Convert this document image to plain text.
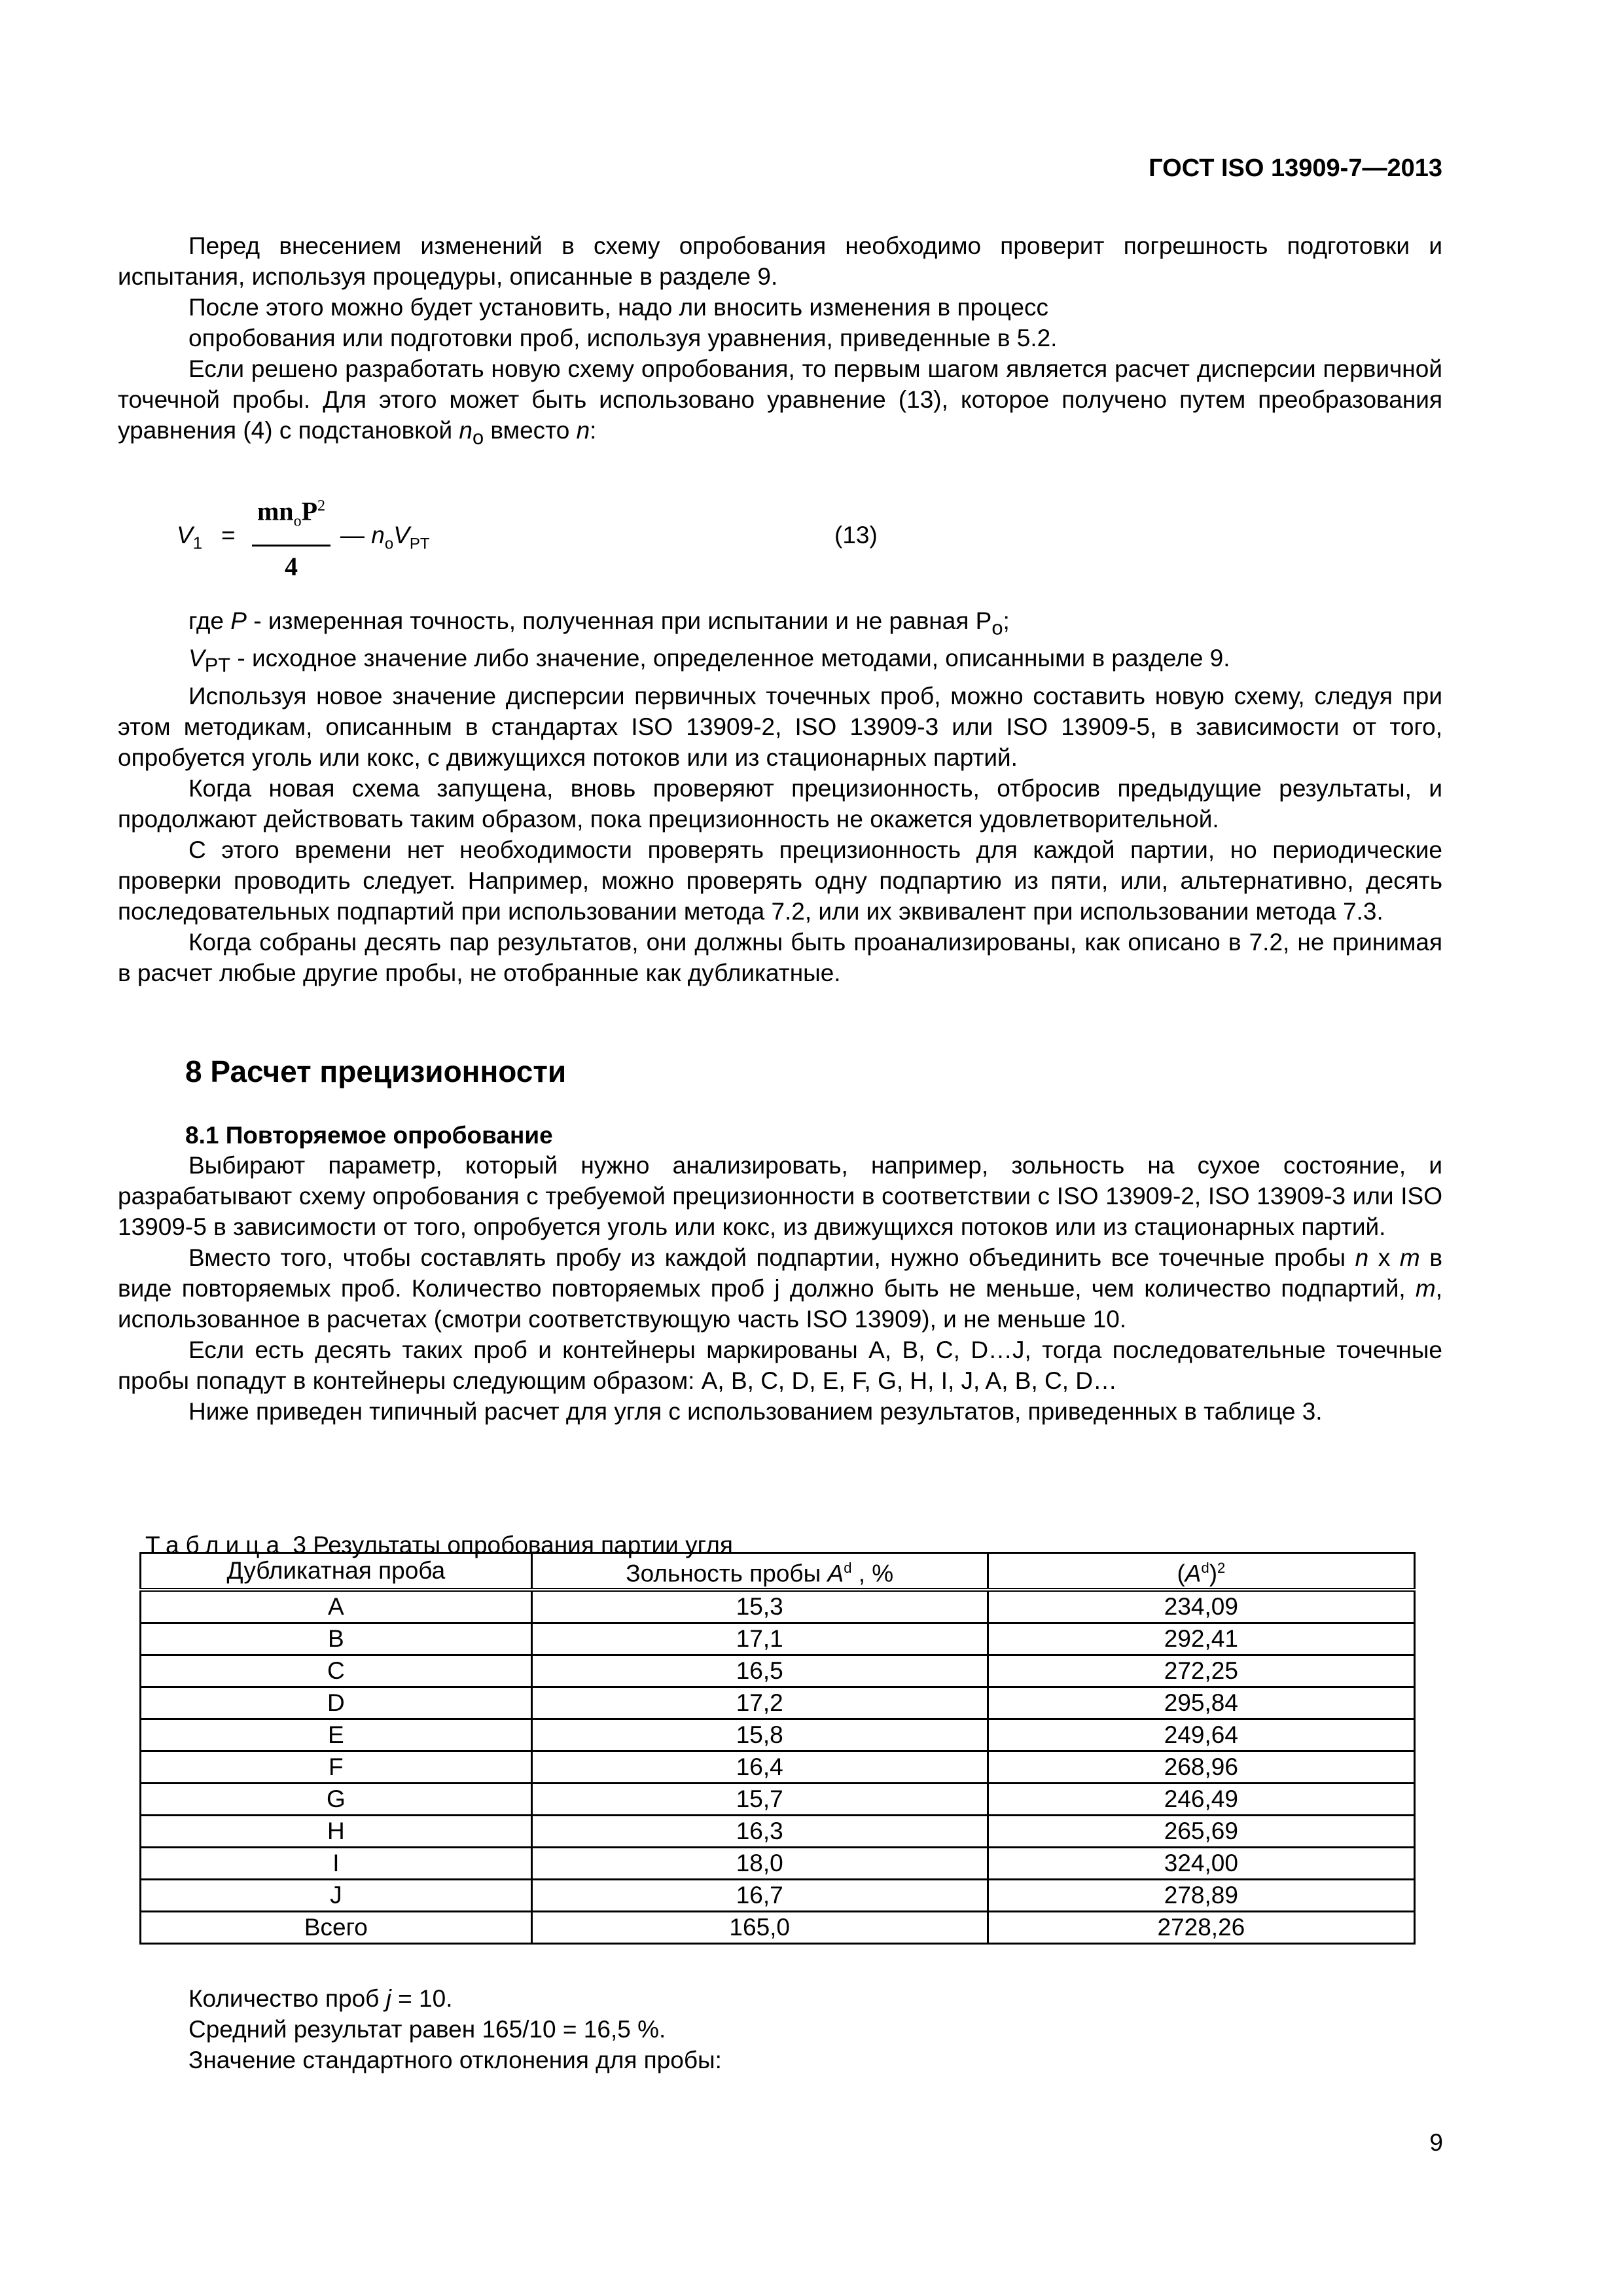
ГОСТ ISO 13909-7—2013

Перед внесением изменений в схему опробования необходимо проверит погрешность подготовки и испытания, используя процедуры, описанные в разделе 9.

После этого можно будет установить, надо ли вносить изменения в процесс

опробования или подготовки проб, используя уравнения, приведенные в 5.2.

Если решено разработать новую схему опробования, то первым шагом является расчет дисперсии первичной точечной пробы. Для этого может быть использовано уравнение (13), которое получено путем преобразования уравнения (4) с подстановкой $n_o$ вместо n:

$V_1$ =
$mn_oP^2$
4
— $n_oV_{PT}$	(13)

где P - измеренная точность, полученная при испытании и не равная $P_o$;

$V_{PT}$ - исходное значение либо значение, определенное методами, описанными в разделе 9.

Используя новое значение дисперсии первичных точечных проб, можно составить новую схему, следуя при этом методикам, описанным в стандартах ISO 13909-2, ISO 13909-3 или ISO 13909-5, в зависимости от того, опробуется уголь или кокс, с движущихся потоков или из стационарных партий.

Когда новая схема запущена, вновь проверяют прецизионность, отбросив предыдущие результаты, и продолжают действовать таким образом, пока прецизионность не окажется удовлетворительной.

С этого времени нет необходимости проверять прецизионность для каждой партии, но периодические проверки проводить следует. Например, можно проверять одну подпартию из пяти, или, альтернативно, десять последовательных подпартий при использовании метода 7.2, или их эквивалент при использовании метода 7.3.

Когда собраны десять пар результатов, они должны быть проанализированы, как описано в 7.2, не принимая в расчет любые другие пробы, не отобранные как дубликатные.

8 Расчет прецизионности
8.1 Повторяемое опробование

Выбирают параметр, который нужно анализировать, например, зольность на сухое состояние, и разрабатывают схему опробования с требуемой прецизионности в соответствии с ISO 13909-2, ISO 13909-3 или ISO 13909-5 в зависимости от того, опробуется уголь или кокс, из движущихся потоков или из стационарных партий.

Вместо того, чтобы составлять пробу из каждой подпартии, нужно объединить все точечные пробы n x m в виде повторяемых проб. Количество повторяемых проб j должно быть не меньше, чем количество подпартий, m, использованное в расчетах (смотри соответствующую часть ISO 13909), и не меньше 10.

Если есть десять таких проб и контейнеры маркированы A, B, C, D…J, тогда последовательные точечные пробы попадут в контейнеры следующим образом: A, B, C, D, E, F, G, H, I, J, A, B, C, D…

Ниже приведен типичный расчет для угля с использованием результатов, приведенных в таблице 3.

Таблица 3 Результаты опробования партии угля
Дубликатная проба	Зольность пробы $A^d$ , %	$(A^d)^2$
A	15,3	234,09
B	17,1	292,41
C	16,5	272,25
D	17,2	295,84
E	15,8	249,64
F	16,4	268,96
G	15,7	246,49
H	16,3	265,69
I	18,0	324,00
J	16,7	278,89
Всего	165,0	2728,26

Количество проб j = 10.

Средний результат равен 165/10 = 16,5 %.

Значение стандартного отклонения для пробы:

9
